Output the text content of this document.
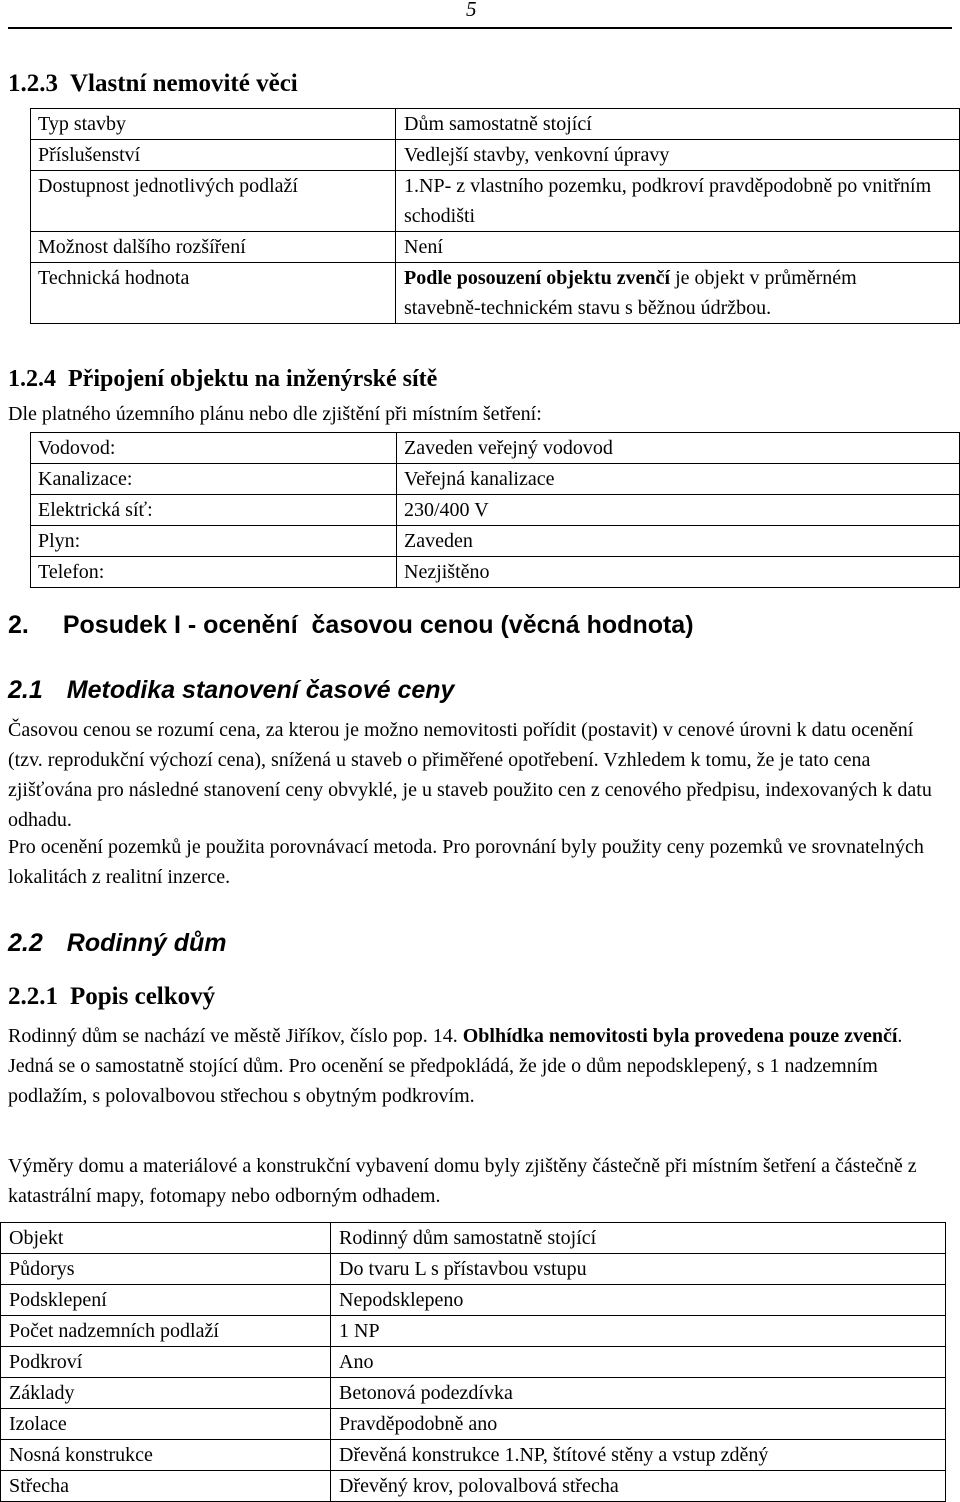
5
1.2.3 Vlastní nemovité věci
Typ stavby	Dům samostatně stojící
Příslušenství	Vedlejší stavby, venkovní úpravy
Dostupnost jednotlivých podlaží	1.NP- z vlastního pozemku, podkroví pravděpodobně po vnitřním schodišti
Možnost dalšího rozšíření	Není
Technická hodnota	Podle posouzení objektu zvenčí je objekt v průměrném stavebně-technickém stavu s běžnou údržbou.
1.2.4 Připojení objektu na inženýrské sítě
Dle platného územního plánu nebo dle zjištění při místním šetření:
Vodovod:	Zaveden veřejný vodovod
Kanalizace:	Veřejná kanalizace
Elektrická síť:	230/400 V
Plyn:	Zaveden
Telefon:	Nezjištěno
2. Posudek I - ocenění  časovou cenou (věcná hodnota)
2.1 Metodika stanovení časové ceny

Časovou cenou se rozumí cena, za kterou je možno nemovitosti pořídit (postavit) v cenové úrovni k datu ocenění (tzv. reprodukční výchozí cena), snížená u staveb o přiměřené opotřebení. Vzhledem k tomu, že je tato cena zjišťována pro následné stanovení ceny obvyklé, je u staveb použito cen z cenového předpisu, indexovaných k datu odhadu.

Pro ocenění pozemků je použita porovnávací metoda. Pro porovnání byly použity ceny pozemků ve srovnatelných lokalitách z realitní inzerce.

2.2 Rodinný dům
2.2.1 Popis celkový

Rodinný dům se nachází ve městě Jiříkov, číslo pop. 14. Oblhídka nemovitosti byla provedena pouze zvenčí. Jedná se o samostatně stojící dům. Pro ocenění se předpokládá, že jde o dům nepodsklepený, s 1 nadzemním podlažím, s polovalbovou střechou s obytným podkrovím.

Výměry domu a materiálové a konstrukční vybavení domu byly zjištěny částečně při místním šetření a částečně z katastrální mapy, fotomapy nebo odborným odhadem.

Objekt	Rodinný dům samostatně stojící
Půdorys	Do tvaru L s přístavbou vstupu
Podsklepení	Nepodsklepeno
Počet nadzemních podlaží	1 NP
Podkroví	Ano
Základy	Betonová podezdívka
Izolace	Pravděpodobně ano
Nosná konstrukce	Dřevěná konstrukce 1.NP, štítové stěny a vstup zděný
Střecha	Dřevěný krov, polovalbová střecha
